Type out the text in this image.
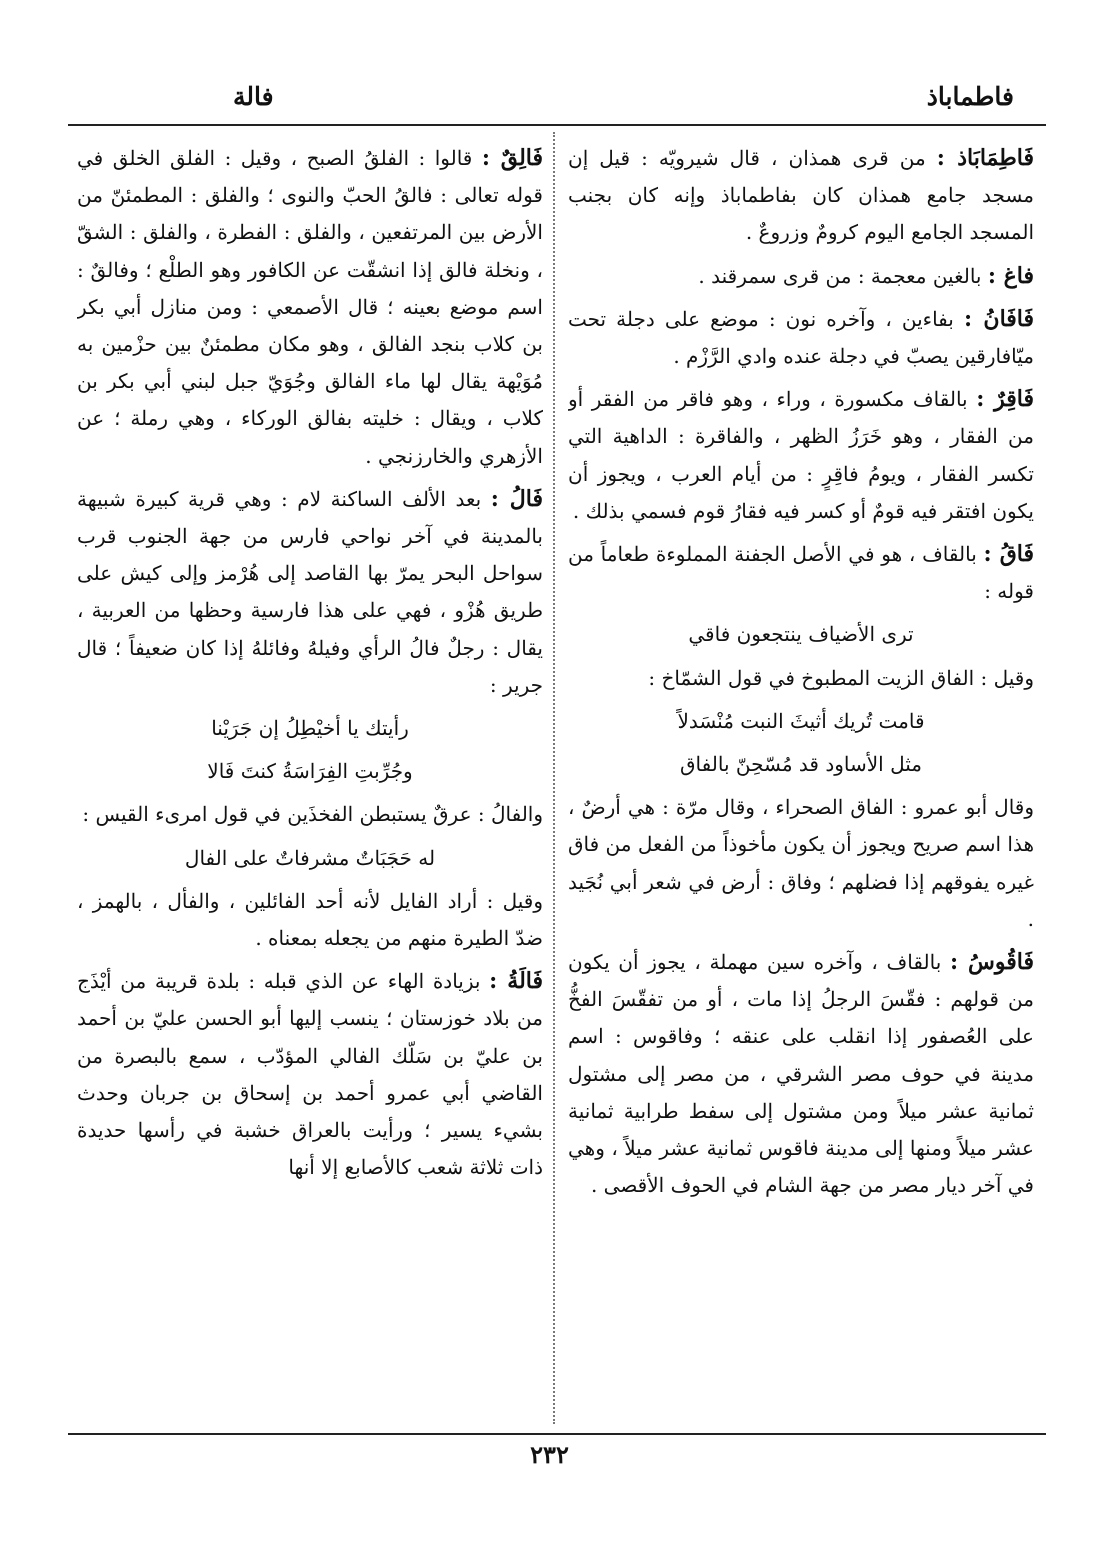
فاطماباذ
فالة
فَاطِمَابَاذ : من قرى همذان ، قال شيرويّه : قيل إن مسجد جامع همذان كان بفاطماباذ وإنه كان بجنب المسجد الجامع اليوم كرومٌ وزروعٌ .
فاغ : بالغين معجمة : من قرى سمرقند .
فَافَانُ : بفاءين ، وآخره نون : موضع على دجلة تحت ميّافارقين يصبّ في دجلة عنده وادي الرَّزْم .
فَاقِرٌ : بالقاف مكسورة ، وراء ، وهو فاقر من الفقر أو من الفقار ، وهو خَرَزُ الظهر ، والفاقرة : الداهية التي تكسر الفقار ، ويومُ فاقِرٍ : من أيام العرب ، ويجوز أن يكون افتقر فيه قومٌ أو كسر فيه فقارُ قوم فسمي بذلك .
فَاقُ : بالقاف ، هو في الأصل الجفنة المملوءة طعاماً من قوله :
ترى الأضياف ينتجعون فاقي
وقيل : الفاق الزيت المطبوخ في قول الشمّاخ :
قامت تُريك أثيثَ النبت مُنْسَدلاً
مثل الأساود قد مُسّحِنّ بالفاق
وقال أبو عمرو : الفاق الصحراء ، وقال مرّة : هي أرضٌ ، هذا اسم صريح ويجوز أن يكون مأخوذاً من الفعل من فاق غيره يفوقهم إذا فضلهم ؛ وفاق : أرض في شعر أبي نُجَيد .
فَاقُوسُ : بالقاف ، وآخره سين مهملة ، يجوز أن يكون من قولهم : فقّسَ الرجلُ إذا مات ، أو من تفقّسَ الفخُّ على العُصفور إذا انقلب على عنقه ؛ وفاقوس : اسم مدينة في حوف مصر الشرقي ، من مصر إلى مشتول ثمانية عشر ميلاً ومن مشتول إلى سفط طرابية ثمانية عشر ميلاً ومنها إلى مدينة فاقوس ثمانية عشر ميلاً ، وهي في آخر ديار مصر من جهة الشام في الحوف الأقصى .
فَالِقٌ : قالوا : الفلقُ الصبح ، وقيل : الفلق الخلق في قوله تعالى : فالقُ الحبّ والنوى ؛ والفلق : المطمئنّ من الأرض بين المرتفعين ، والفلق : الفطرة ، والفلق : الشقّ ، ونخلة فالق إذا انشقّت عن الكافور وهو الطلْع ؛ وفالقٌ : اسم موضع بعينه ؛ قال الأصمعي : ومن منازل أبي بكر بن كلاب بنجد الفالق ، وهو مكان مطمئنٌ بين حزْمين به مُوَيْهة يقال لها ماء الفالق وجُوَيّ جبل لبني أبي بكر بن كلاب ، ويقال : خليته بفالق الوركاء ، وهي رملة ؛ عن الأزهري والخارزنجي .
فَالُ : بعد الألف الساكنة لام : وهي قرية كبيرة شبيهة بالمدينة في آخر نواحي فارس من جهة الجنوب قرب سواحل البحر يمرّ بها القاصد إلى هُرْمز وإلى كيش على طريق هُزْو ، فهي على هذا فارسية وحظها من العربية ، يقال : رجلٌ فالُ الرأي وفيلهُ وفائلهُ إذا كان ضعيفاً ؛ قال جرير :
رأيتك يا أخيْطِلُ إن جَرَيْنا
وجُرِّبتِ الفِرَاسَةُ كنتَ فَالا
والفالُ : عرقٌ يستبطن الفخذَين في قول امرىء القيس :
له حَجَبَاتٌ مشرفاتٌ على الفال
وقيل : أراد الفايل لأنه أحد الفائلين ، والفأل ، بالهمز ، ضدّ الطيرة منهم من يجعله بمعناه .
فَالَةُ : بزيادة الهاء عن الذي قبله : بلدة قريبة من أيْذَج من بلاد خوزستان ؛ ينسب إليها أبو الحسن عليّ بن أحمد بن عليّ بن سَلّك الفالي المؤدّب ، سمع بالبصرة من القاضي أبي عمرو أحمد بن إسحاق بن جربان وحدث بشيء يسير ؛ ورأيت بالعراق خشبة في رأسها حديدة ذات ثلاثة شعب كالأصابع إلا أنها
٢٣٢
